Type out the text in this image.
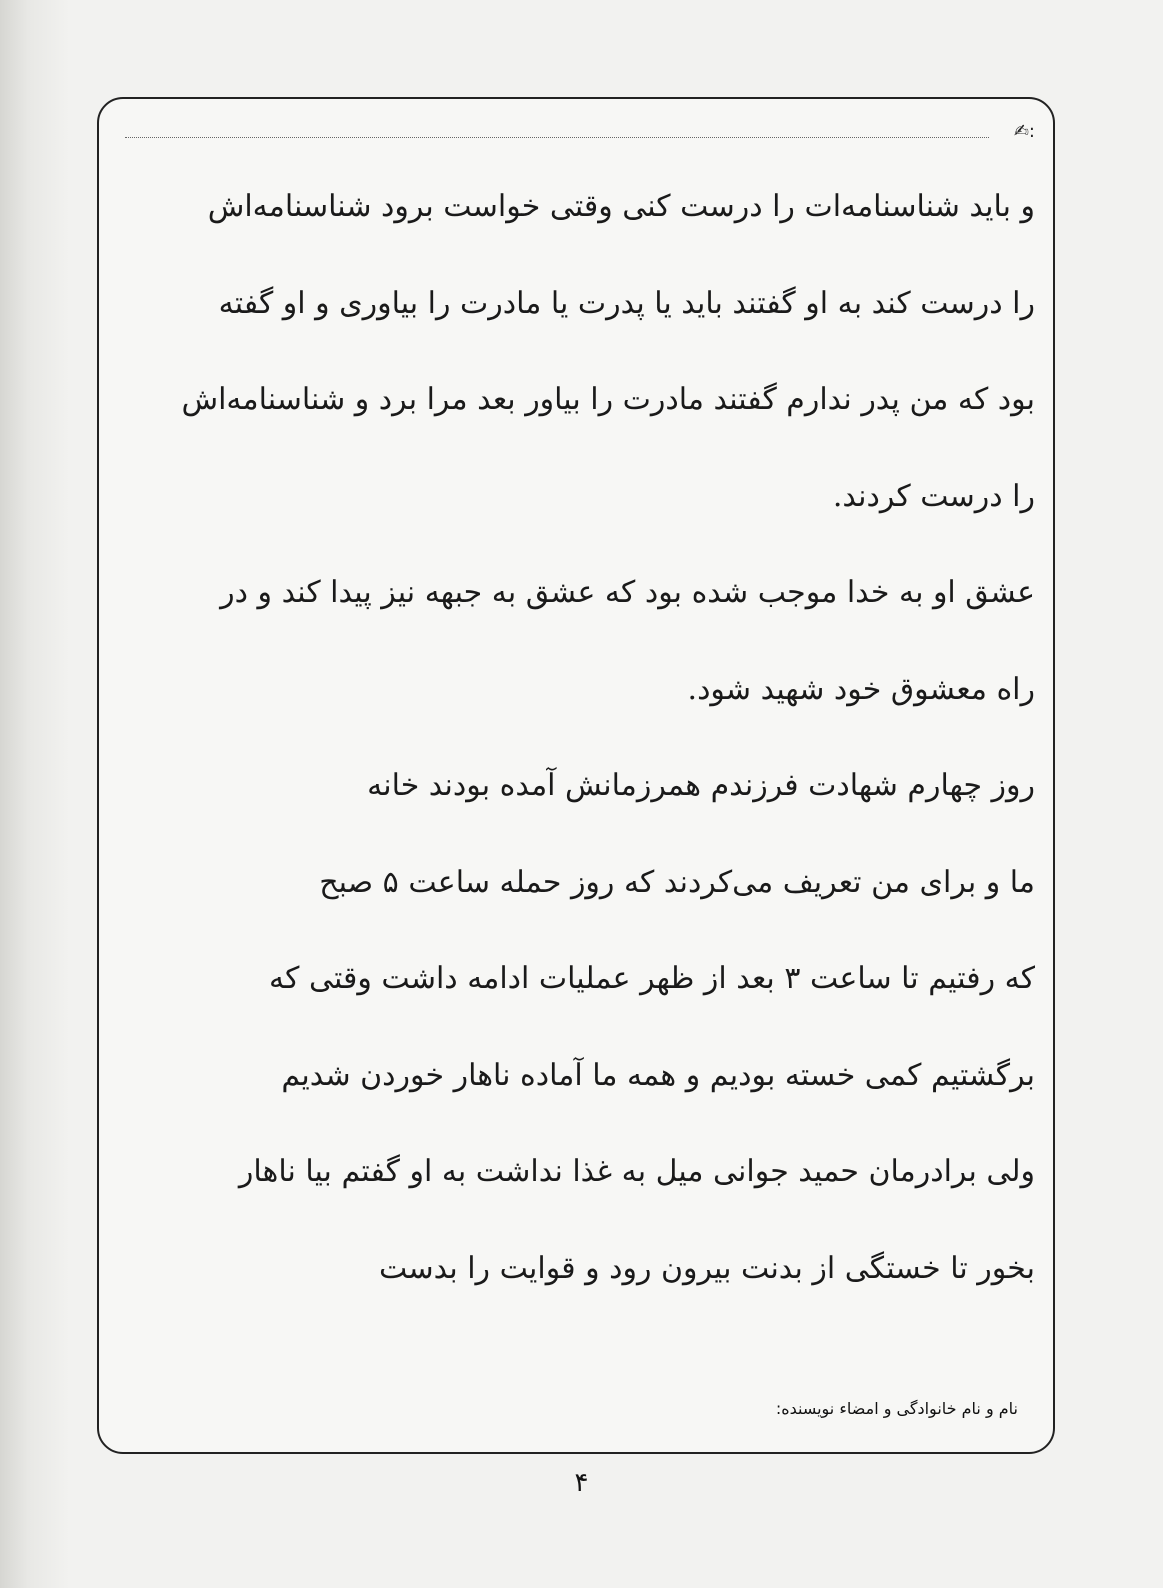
✍:
و باید شناسنامه‌ات را درست کنی وقتی خواست برود شناسنامه‌اش
را درست کند به او گفتند باید یا پدرت یا مادرت را بیاوری و او گفته
بود که من پدر ندارم گفتند مادرت را بیاور بعد مرا برد و شناسنامه‌اش
را درست کردند.
عشق او به خدا موجب شده بود که عشق به جبهه نیز پیدا کند و در
راه معشوق خود شهید شود.
روز چهارم شهادت فرزندم همرزمانش آمده بودند خانه
ما و برای من تعریف می‌کردند که روز حمله ساعت ۵ صبح
که رفتیم تا ساعت ۳ بعد از ظهر عملیات ادامه داشت وقتی که
برگشتیم کمی خسته بودیم و همه ما آماده ناهار خوردن شدیم
ولی برادرمان حمید جوانی میل به غذا نداشت به او گفتم بیا ناهار
بخور تا خستگی از بدنت بیرون رود و قوایت را بدست
نام و نام خانوادگی و امضاء نویسنده:
۴
